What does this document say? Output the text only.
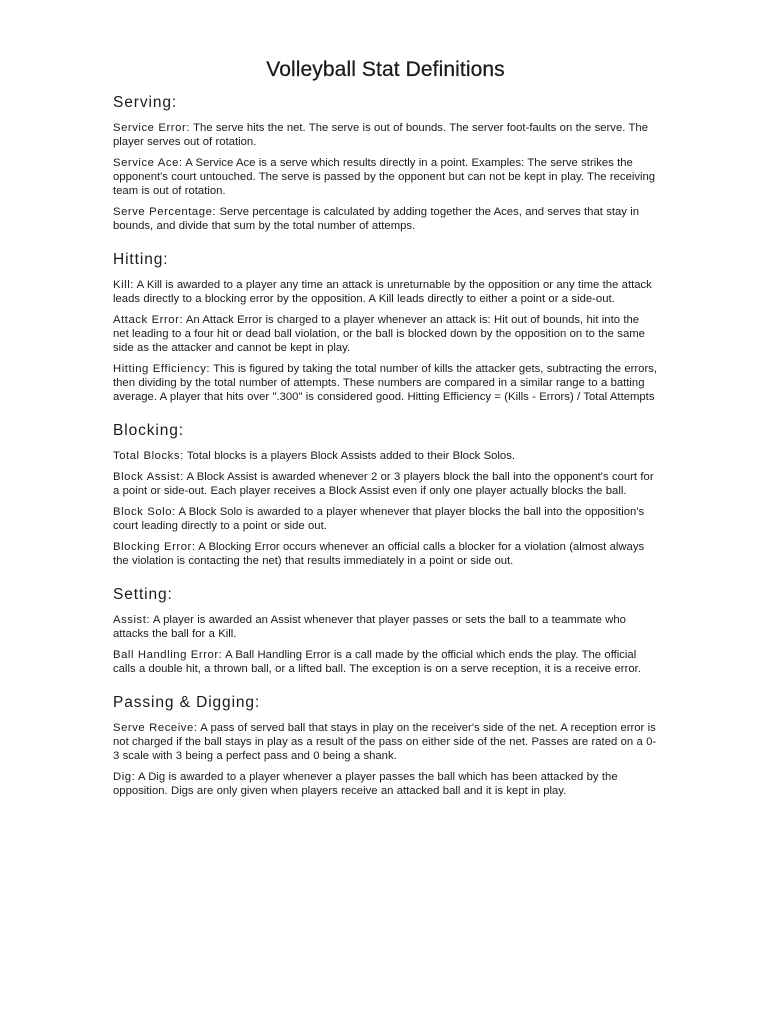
Volleyball Stat Definitions
Serving:

Service Error: The serve hits the net. The serve is out of bounds. The server foot-faults on the serve. The player serves out of rotation.

Service Ace: A Service Ace is a serve which results directly in a point. Examples: The serve strikes the opponent's court untouched. The serve is passed by the opponent but can not be kept in play. The receiving team is out of rotation.

Serve Percentage: Serve percentage is calculated by adding together the Aces, and serves that stay in bounds, and divide that sum by the total number of attemps.

Hitting:

Kill: A Kill is awarded to a player any time an attack is unreturnable by the opposition or any time the attack leads directly to a blocking error by the opposition. A Kill leads directly to either a point or a side-out.

Attack Error: An Attack Error is charged to a player whenever an attack is: Hit out of bounds, hit into the net leading to a four hit or dead ball violation, or the ball is blocked down by the opposition on to the same side as the attacker and cannot be kept in play.

Hitting Efficiency: This is figured by taking the total number of kills the attacker gets, subtracting the errors, then dividing by the total number of attempts. These numbers are compared in a similar range to a batting average. A player that hits over ".300" is considered good. Hitting Efficiency = (Kills - Errors) / Total Attempts

Blocking:

Total Blocks: Total blocks is a players Block Assists added to their Block Solos.

Block Assist: A Block Assist is awarded whenever 2 or 3 players block the ball into the opponent's court for a point or side-out. Each player receives a Block Assist even if only one player actually blocks the ball.

Block Solo: A Block Solo is awarded to a player whenever that player blocks the ball into the opposition's court leading directly to a point or side out.

Blocking Error: A Blocking Error occurs whenever an official calls a blocker for a violation (almost always the violation is contacting the net) that results immediately in a point or side out.

Setting:

Assist: A player is awarded an Assist whenever that player passes or sets the ball to a teammate who attacks the ball for a Kill.

Ball Handling Error: A Ball Handling Error is a call made by the official which ends the play. The official calls a double hit, a thrown ball, or a lifted ball. The exception is on a serve reception, it is a receive error.

Passing & Digging:

Serve Receive: A pass of served ball that stays in play on the receiver's side of the net. A reception error is not charged if the ball stays in play as a result of the pass on either side of the net. Passes are rated on a 0-3 scale with 3 being a perfect pass and 0 being a shank.

Dig: A Dig is awarded to a player whenever a player passes the ball which has been attacked by the opposition. Digs are only given when players receive an attacked ball and it is kept in play.
